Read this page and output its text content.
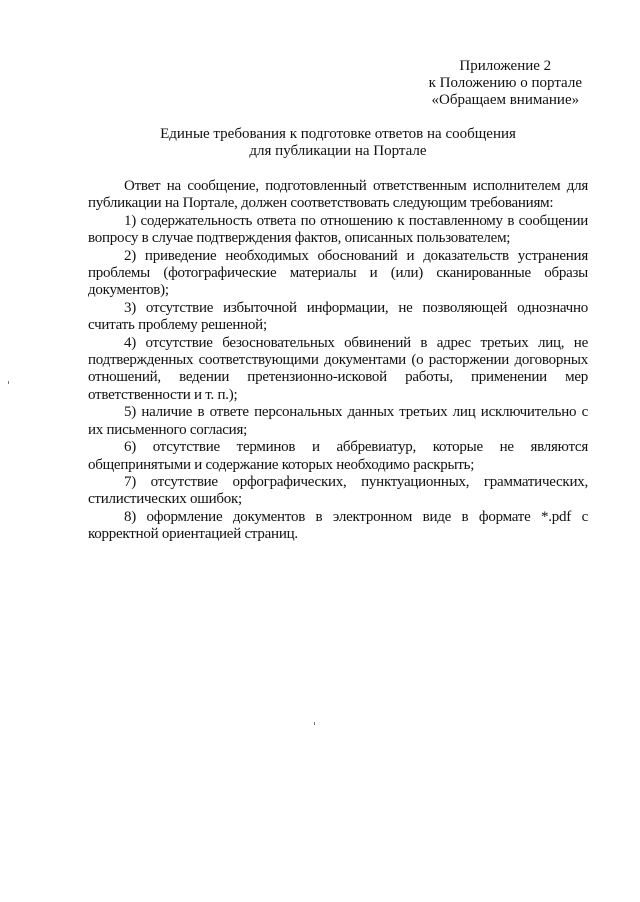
Приложение 2
к Положению о портале
«Обращаем внимание»
Единые требования к подготовке ответов на сообщения
для публикации на Портале

Ответ на сообщение, подготовленный ответственным исполнителем для публикации на Портале, должен соответствовать следующим требованиям:

1) содержательность ответа по отношению к поставленному в сообщении вопросу в случае подтверждения фактов, описанных пользователем;

2) приведение необходимых обоснований и доказательств устранения проблемы (фотографические материалы и (или) сканированные образы документов);

3) отсутствие избыточной информации, не позволяющей однозначно считать проблему решенной;

4) отсутствие безосновательных обвинений в адрес третьих лиц, не подтвержденных соответствующими документами (о расторжении договорных отношений, ведении претензионно-исковой работы, применении мер ответственности и т. п.);

5) наличие в ответе персональных данных третьих лиц исключительно с их письменного согласия;

6) отсутствие терминов и аббревиатур, которые не являются общепринятыми и содержание которых необходимо раскрыть;

7) отсутствие орфографических, пунктуационных, грамматических, стилистических ошибок;

8) оформление документов в электронном виде в формате *.pdf с корректной ориентацией страниц.
